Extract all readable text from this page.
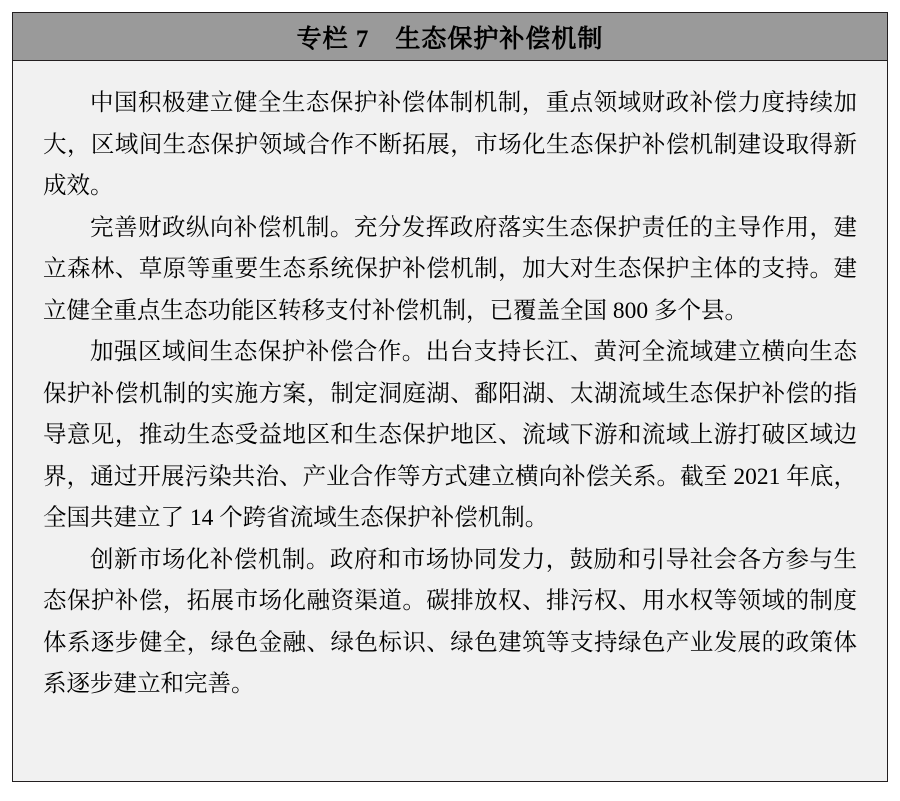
专栏 7　生态保护补偿机制

中国积极建立健全生态保护补偿体制机制，重点领域财政补偿力度持续加大，区域间生态保护领域合作不断拓展，市场化生态保护补偿机制建设取得新成效。

完善财政纵向补偿机制。充分发挥政府落实生态保护责任的主导作用，建立森林、草原等重要生态系统保护补偿机制，加大对生态保护主体的支持。建立健全重点生态功能区转移支付补偿机制，已覆盖全国 800 多个县。

加强区域间生态保护补偿合作。出台支持长江、黄河全流域建立横向生态保护补偿机制的实施方案，制定洞庭湖、鄱阳湖、太湖流域生态保护补偿的指导意见，推动生态受益地区和生态保护地区、流域下游和流域上游打破区域边界，通过开展污染共治、产业合作等方式建立横向补偿关系。截至 2021 年底，全国共建立了 14 个跨省流域生态保护补偿机制。

创新市场化补偿机制。政府和市场协同发力，鼓励和引导社会各方参与生态保护补偿，拓展市场化融资渠道。碳排放权、排污权、用水权等领域的制度体系逐步健全，绿色金融、绿色标识、绿色建筑等支持绿色产业发展的政策体系逐步建立和完善。
